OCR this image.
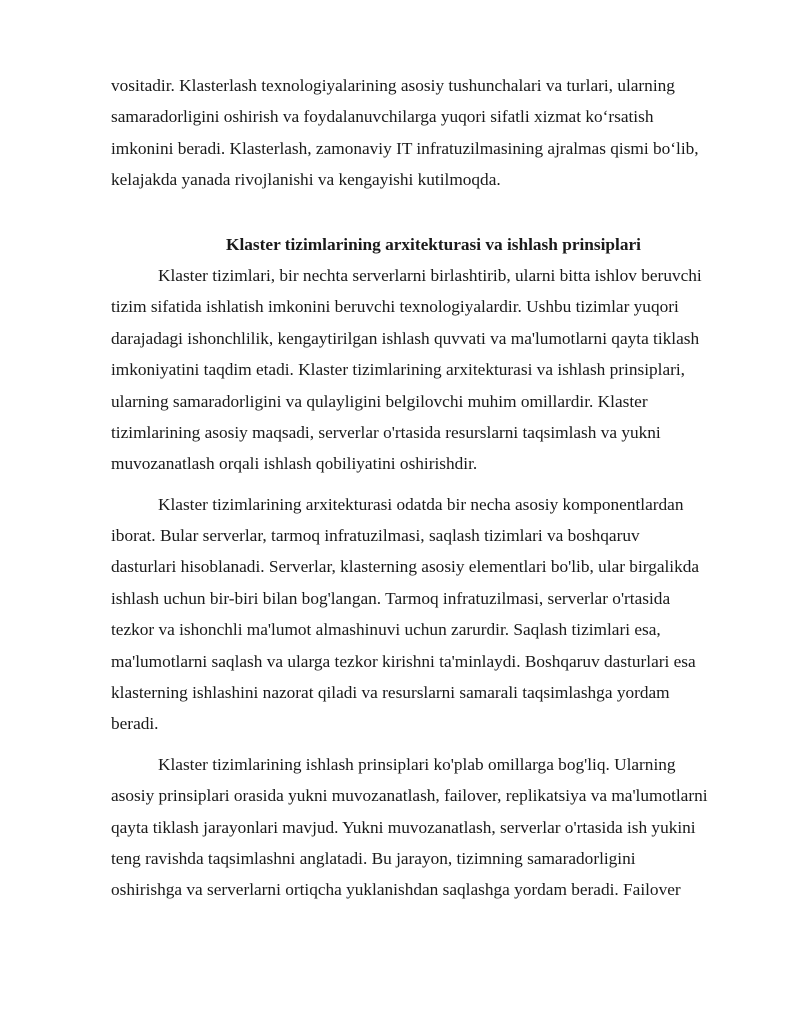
vositadir. Klasterlash texnologiyalarining asosiy tushunchalari va turlari, ularning
samaradorligini oshirish va foydalanuvchilarga yuqori sifatli xizmat ko‘rsatish
imkonini beradi. Klasterlash, zamonaviy IT infratuzilmasining ajralmas qismi bo‘lib,
kelajakda yanada rivojlanishi va kengayishi kutilmoqda.

Klaster tizimlarining arxitekturasi va ishlash prinsiplari

Klaster tizimlari, bir nechta serverlarni birlashtirib, ularni bitta ishlov beruvchi
tizim sifatida ishlatish imkonini beruvchi texnologiyalardir. Ushbu tizimlar yuqori
darajadagi ishonchlilik, kengaytirilgan ishlash quvvati va ma'lumotlarni qayta tiklash
imkoniyatini taqdim etadi. Klaster tizimlarining arxitekturasi va ishlash prinsiplari,
ularning samaradorligini va qulayligini belgilovchi muhim omillardir. Klaster
tizimlarining asosiy maqsadi, serverlar o'rtasida resurslarni taqsimlash va yukni
muvozanatlash orqali ishlash qobiliyatini oshirishdir.

Klaster tizimlarining arxitekturasi odatda bir necha asosiy komponentlardan
iborat. Bular serverlar, tarmoq infratuzilmasi, saqlash tizimlari va boshqaruv
dasturlari hisoblanadi. Serverlar, klasterning asosiy elementlari bo'lib, ular birgalikda
ishlash uchun bir-biri bilan bog'langan. Tarmoq infratuzilmasi, serverlar o'rtasida
tezkor va ishonchli ma'lumot almashinuvi uchun zarurdir. Saqlash tizimlari esa,
ma'lumotlarni saqlash va ularga tezkor kirishni ta'minlaydi. Boshqaruv dasturlari esa
klasterning ishlashini nazorat qiladi va resurslarni samarali taqsimlashga yordam
beradi.

Klaster tizimlarining ishlash prinsiplari ko'plab omillarga bog'liq. Ularning
asosiy prinsiplari orasida yukni muvozanatlash, failover, replikatsiya va ma'lumotlarni
qayta tiklash jarayonlari mavjud. Yukni muvozanatlash, serverlar o'rtasida ish yukini
teng ravishda taqsimlashni anglatadi. Bu jarayon, tizimning samaradorligini
oshirishga va serverlarni ortiqcha yuklanishdan saqlashga yordam beradi. Failover
